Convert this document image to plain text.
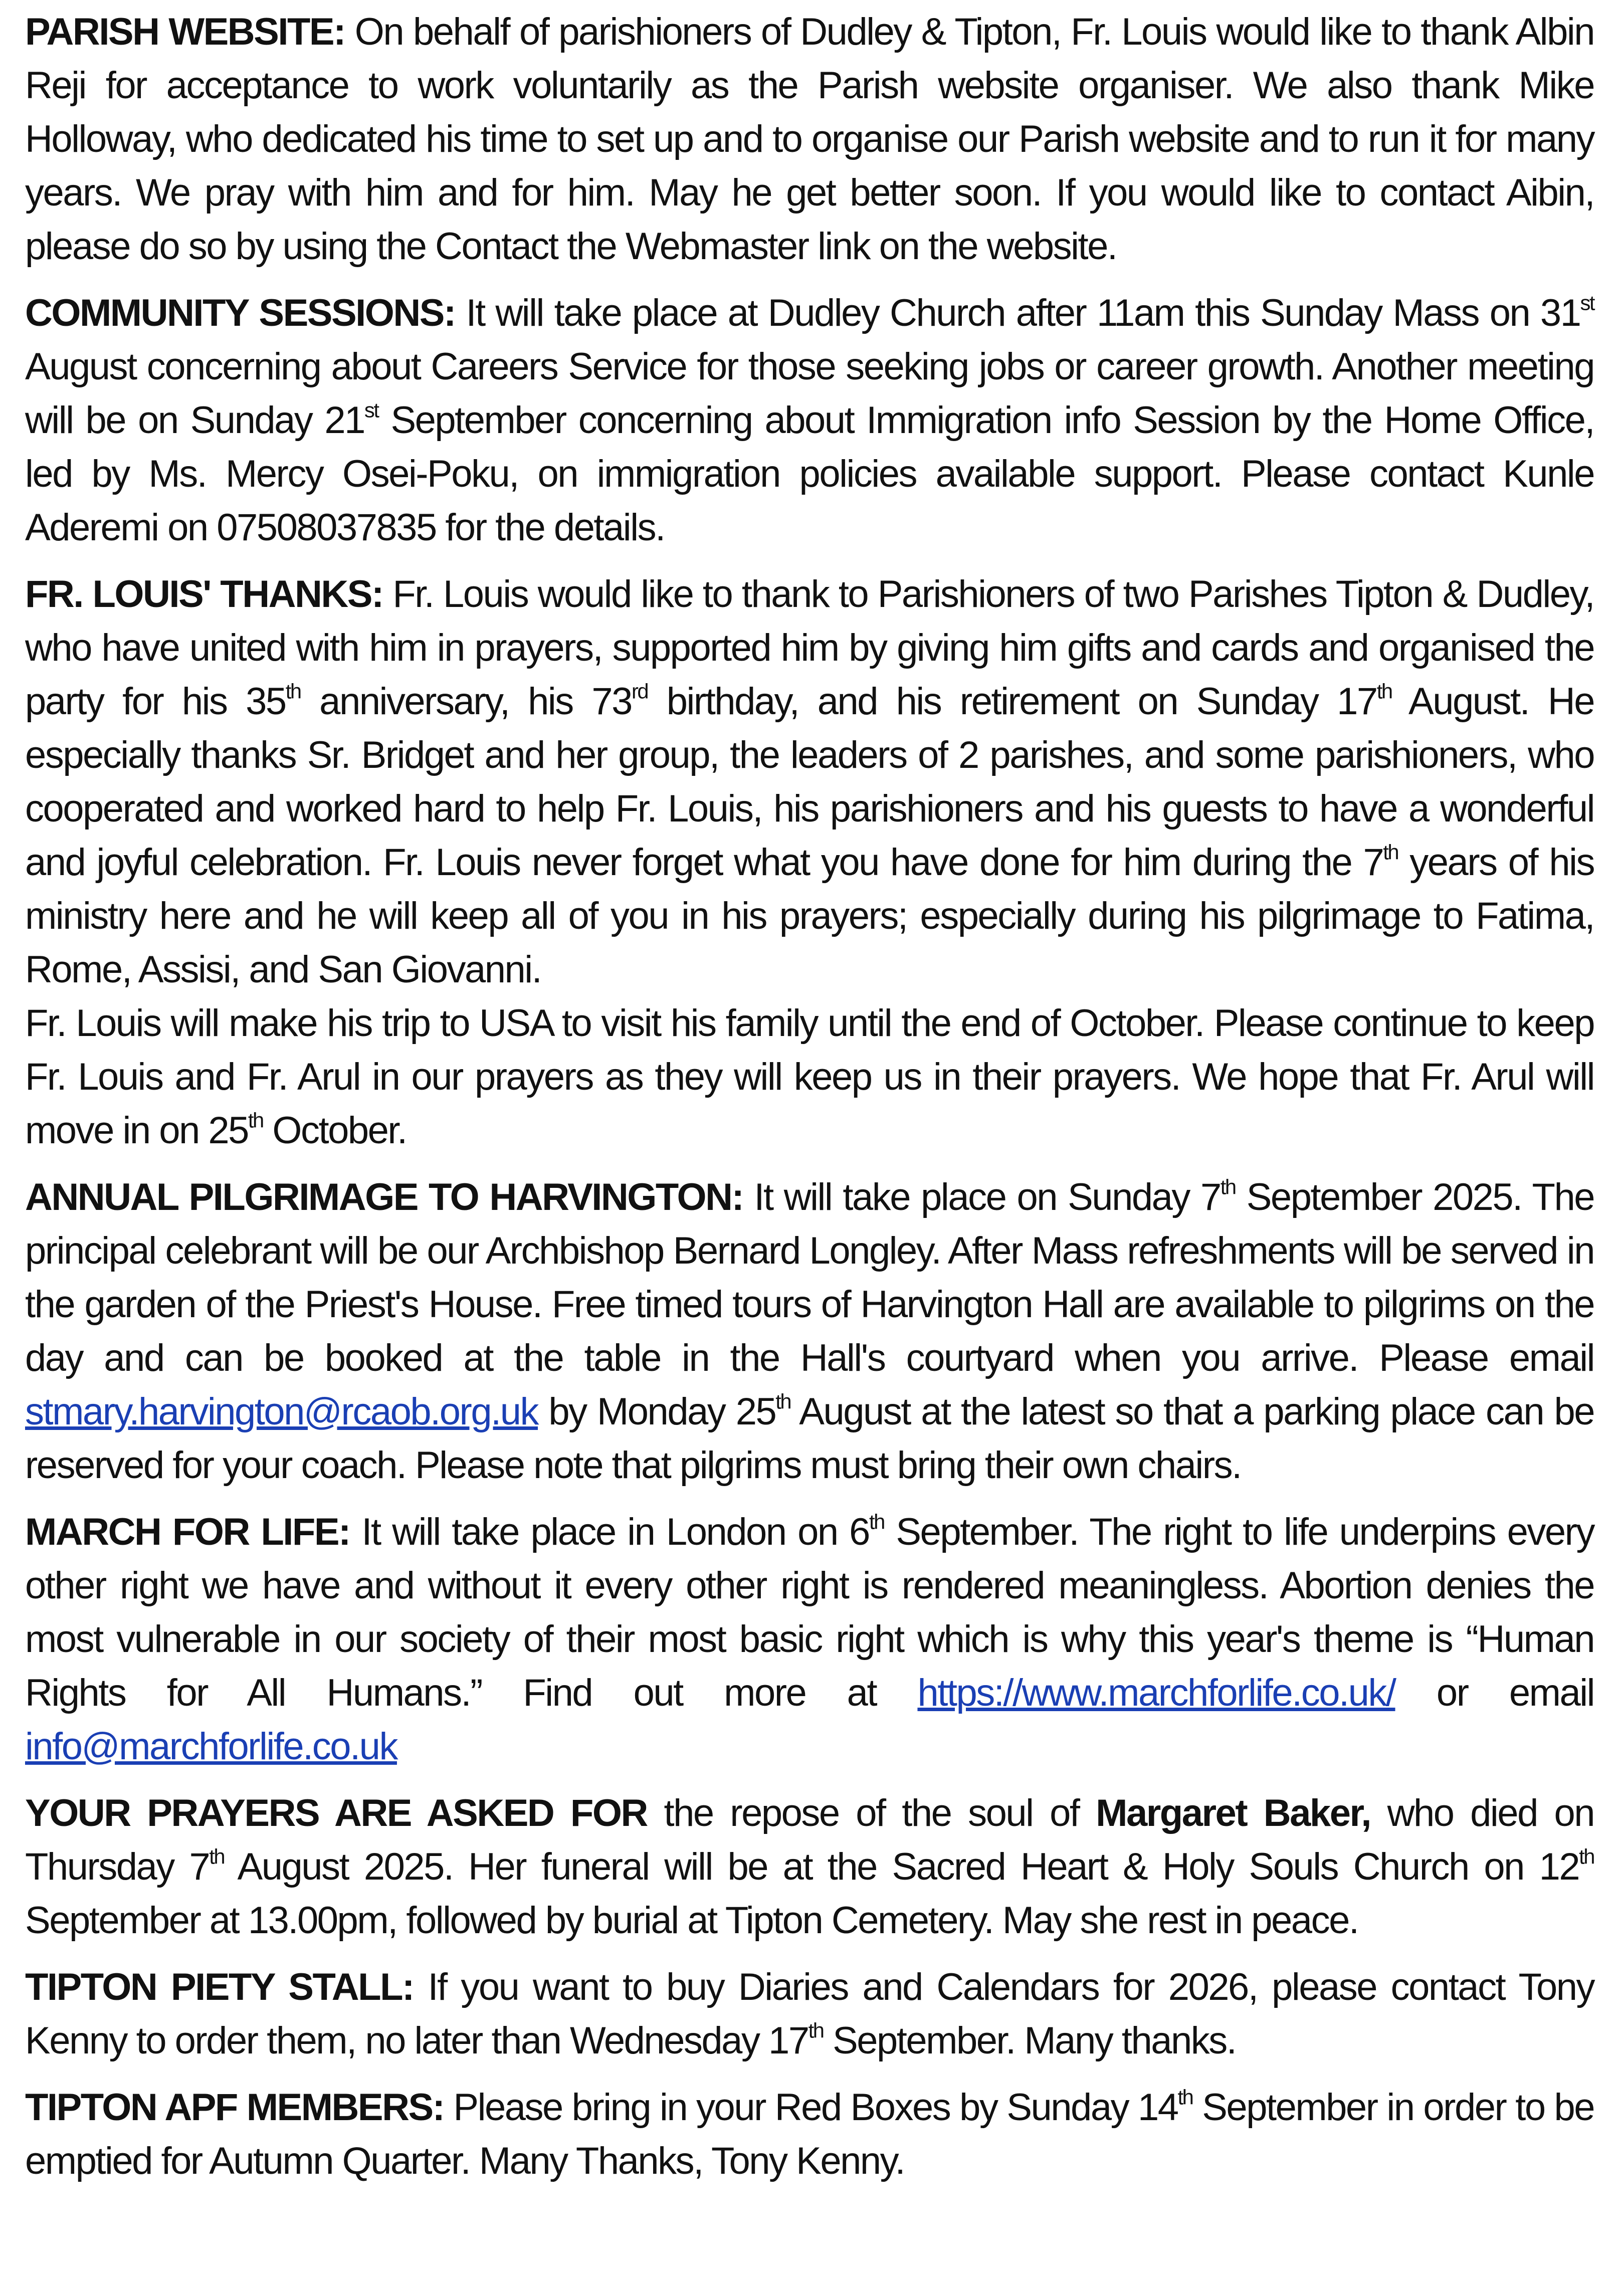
PARISH WEBSITE: On behalf of parishioners of Dudley & Tipton, Fr. Louis would like to thank Albin Reji for acceptance to work voluntarily as the Parish website organiser. We also thank Mike Holloway, who dedicated his time to set up and to organise our Parish website and to run it for many years. We pray with him and for him. May he get better soon. If you would like to contact Aibin, please do so by using the Contact the Webmaster link on the website.

COMMUNITY SESSIONS: It will take place at Dudley Church after 11am this Sunday Mass on 31st August concerning about Careers Service for those seeking jobs or career growth. Another meeting will be on Sunday 21st September concerning about Immigration info Session by the Home Office, led by Ms. Mercy Osei-Poku, on immigration policies available support. Please contact Kunle Aderemi on 07508037835 for the details.

FR. LOUIS' THANKS: Fr. Louis would like to thank to Parishioners of two Parishes Tipton & Dudley, who have united with him in prayers, supported him by giving him gifts and cards and organised the party for his 35th anniversary, his 73rd birthday, and his retirement on Sunday 17th August. He especially thanks Sr. Bridget and her group, the leaders of 2 parishes, and some parishioners, who cooperated and worked hard to help Fr. Louis, his parishioners and his guests to have a wonderful and joyful celebration. Fr. Louis never forget what you have done for him during the 7th years of his ministry here and he will keep all of you in his prayers; especially during his pilgrimage to Fatima, Rome, Assisi, and San Giovanni.

Fr. Louis will make his trip to USA to visit his family until the end of October. Please continue to keep Fr. Louis and Fr. Arul in our prayers as they will keep us in their prayers. We hope that Fr. Arul will move in on 25th October.

ANNUAL PILGRIMAGE TO HARVINGTON: It will take place on Sunday 7th September 2025. The principal celebrant will be our Archbishop Bernard Longley. After Mass refreshments will be served in the garden of the Priest's House. Free timed tours of Harvington Hall are available to pilgrims on the day and can be booked at the table in the Hall's courtyard when you arrive. Please email stmary.harvington@rcaob.org.uk by Monday 25th August at the latest so that a parking place can be reserved for your coach. Please note that pilgrims must bring their own chairs.

MARCH FOR LIFE: It will take place in London on 6th September. The right to life underpins every other right we have and without it every other right is rendered meaningless. Abortion denies the most vulnerable in our society of their most basic right which is why this year's theme is “Human Rights for All Humans.” Find out more at https://www.marchforlife.co.uk/ or email info@marchforlife.co.uk

YOUR PRAYERS ARE ASKED FOR the repose of the soul of Margaret Baker, who died on Thursday 7th August 2025. Her funeral will be at the Sacred Heart & Holy Souls Church on 12th September at 13.00pm, followed by burial at Tipton Cemetery. May she rest in peace.

TIPTON PIETY STALL: If you want to buy Diaries and Calendars for 2026, please contact Tony Kenny to order them, no later than Wednesday 17th September. Many thanks.

TIPTON APF MEMBERS: Please bring in your Red Boxes by Sunday 14th September in order to be emptied for Autumn Quarter. Many Thanks, Tony Kenny.
